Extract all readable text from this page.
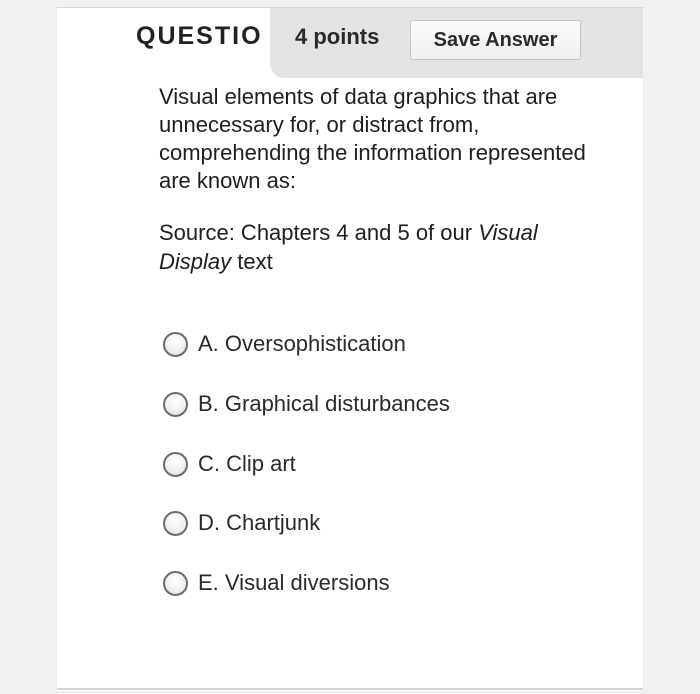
QUESTIO 4 points	Save Answer
Visual elements of data graphics that are unnecessary for, or distract from, comprehending the information represented are known as:
Source: Chapters 4 and 5 of our Visual Display text
A. Oversophistication
B. Graphical disturbances
C. Clip art
D. Chartjunk
E. Visual diversions
